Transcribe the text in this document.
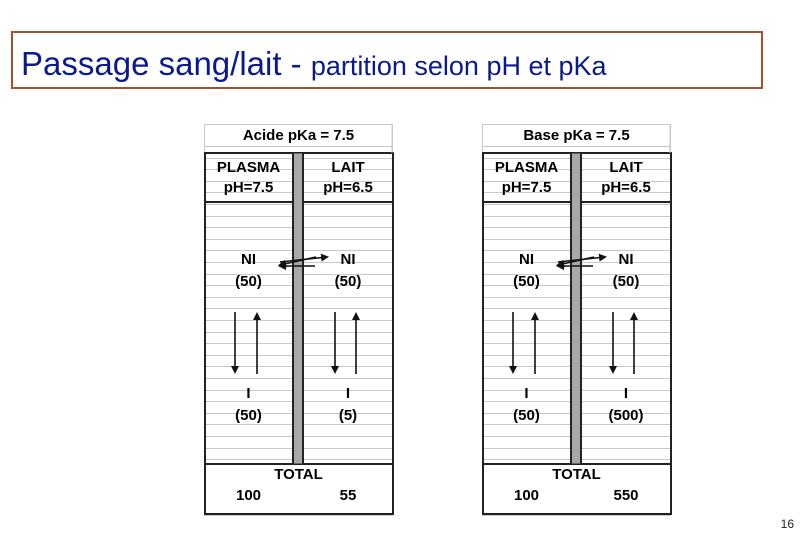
Passage sang/lait - partition selon pH et pKa
Acide pKa = 7.5
PLASMA
pH=7.5
LAIT
pH=6.5
NI
(50)
NI
(50)
I
(50)
I
(5)
TOTAL
100	55
Base pKa = 7.5
PLASMA
pH=7.5
LAIT
pH=6.5
NI
(50)
NI
(50)
I
(50)
I
(500)
TOTAL
100	550
16
